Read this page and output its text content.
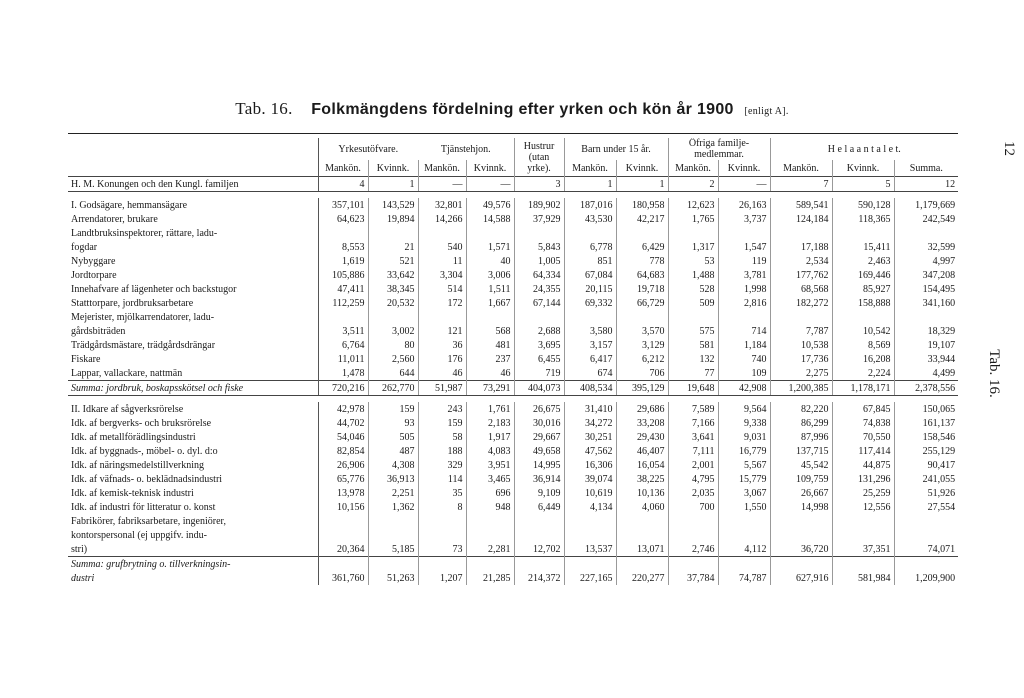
Tab. 16. Folkmängdens fördelning efter yrken och kön år 1900 [enligt A].
12
Tab. 16.

	Yrkesutöfvare.		Tjänstehjon.		Hustrur (utan yrke).	Barn under 15 år.		Öfriga familje- medlemmar.		H e l a a n t a l e t.		
	Mankön.	Kvinnk.	Mankön.	Kvinnk.		Mankön.	Kvinnk.	Mankön.	Kvinnk.	Mankön.	Kvinnk.	Summa.
H. M. Konungen och den Kungl. familjen	4	1	—	—	3	1	1	2	—	7	5	12

I. Godsägare, hemmansägare	357,101	143,529	32,801	49,576	189,902	187,016	180,958	12,623	26,163	589,541	590,128	1,179,669
Arrendatorer, brukare	64,623	19,894	14,266	14,588	37,929	43,530	42,217	1,765	3,737	124,184	118,365	242,549
Landtbruksinspektorer, rättare, ladu-												
fogdar	8,553	21	540	1,571	5,843	6,778	6,429	1,317	1,547	17,188	15,411	32,599
Nybyggare	1,619	521	11	40	1,005	851	778	53	119	2,534	2,463	4,997
Jordtorpare	105,886	33,642	3,304	3,006	64,334	67,084	64,683	1,488	3,781	177,762	169,446	347,208
Innehafvare af lägenheter och backstugor	47,411	38,345	514	1,511	24,355	20,115	19,718	528	1,998	68,568	85,927	154,495
Statttorpare, jordbruksarbetare	112,259	20,532	172	1,667	67,144	69,332	66,729	509	2,816	182,272	158,888	341,160
Mejerister, mjölkarrendatorer, ladu-												
gårdsbiträden	3,511	3,002	121	568	2,688	3,580	3,570	575	714	7,787	10,542	18,329
Trädgårdsmästare, trädgårdsdrängar	6,764	80	36	481	3,695	3,157	3,129	581	1,184	10,538	8,569	19,107
Fiskare	11,011	2,560	176	237	6,455	6,417	6,212	132	740	17,736	16,208	33,944
Lappar, vallackare, nattmän	1,478	644	46	46	719	674	706	77	109	2,275	2,224	4,499
Summa: jordbruk, boskapsskötsel och fiske	720,216	262,770	51,987	73,291	404,073	408,534	395,129	19,648	42,908	1,200,385	1,178,171	2,378,556

II. Idkare af sågverksrörelse	42,978	159	243	1,761	26,675	31,410	29,686	7,589	9,564	82,220	67,845	150,065
Idk. af bergverks- och bruksrörelse	44,702	93	159	2,183	30,016	34,272	33,208	7,166	9,338	86,299	74,838	161,137
Idk. af metallförädlingsindustri	54,046	505	58	1,917	29,667	30,251	29,430	3,641	9,031	87,996	70,550	158,546
Idk. af byggnads-, möbel- o. dyl. d:o	82,854	487	188	4,083	49,658	47,562	46,407	7,111	16,779	137,715	117,414	255,129
Idk. af näringsmedelstillverkning	26,906	4,308	329	3,951	14,995	16,306	16,054	2,001	5,567	45,542	44,875	90,417
Idk. af väfnads- o. beklädnadsindustri	65,776	36,913	114	3,465	36,914	39,074	38,225	4,795	15,779	109,759	131,296	241,055
Idk. af kemisk-teknisk industri	13,978	2,251	35	696	9,109	10,619	10,136	2,035	3,067	26,667	25,259	51,926
Idk. af industri för litteratur o. konst	10,156	1,362	8	948	6,449	4,134	4,060	700	1,550	14,998	12,556	27,554
Fabrikörer, fabriksarbetare, ingeniörer,												
kontorspersonal (ej uppgifv. indu-												
stri)	20,364	5,185	73	2,281	12,702	13,537	13,071	2,746	4,112	36,720	37,351	74,071
Summa: grufbrytning o. tillverkningsin-												
dustri	361,760	51,263	1,207	21,285	214,372	227,165	220,277	37,784	74,787	627,916	581,984	1,209,900
